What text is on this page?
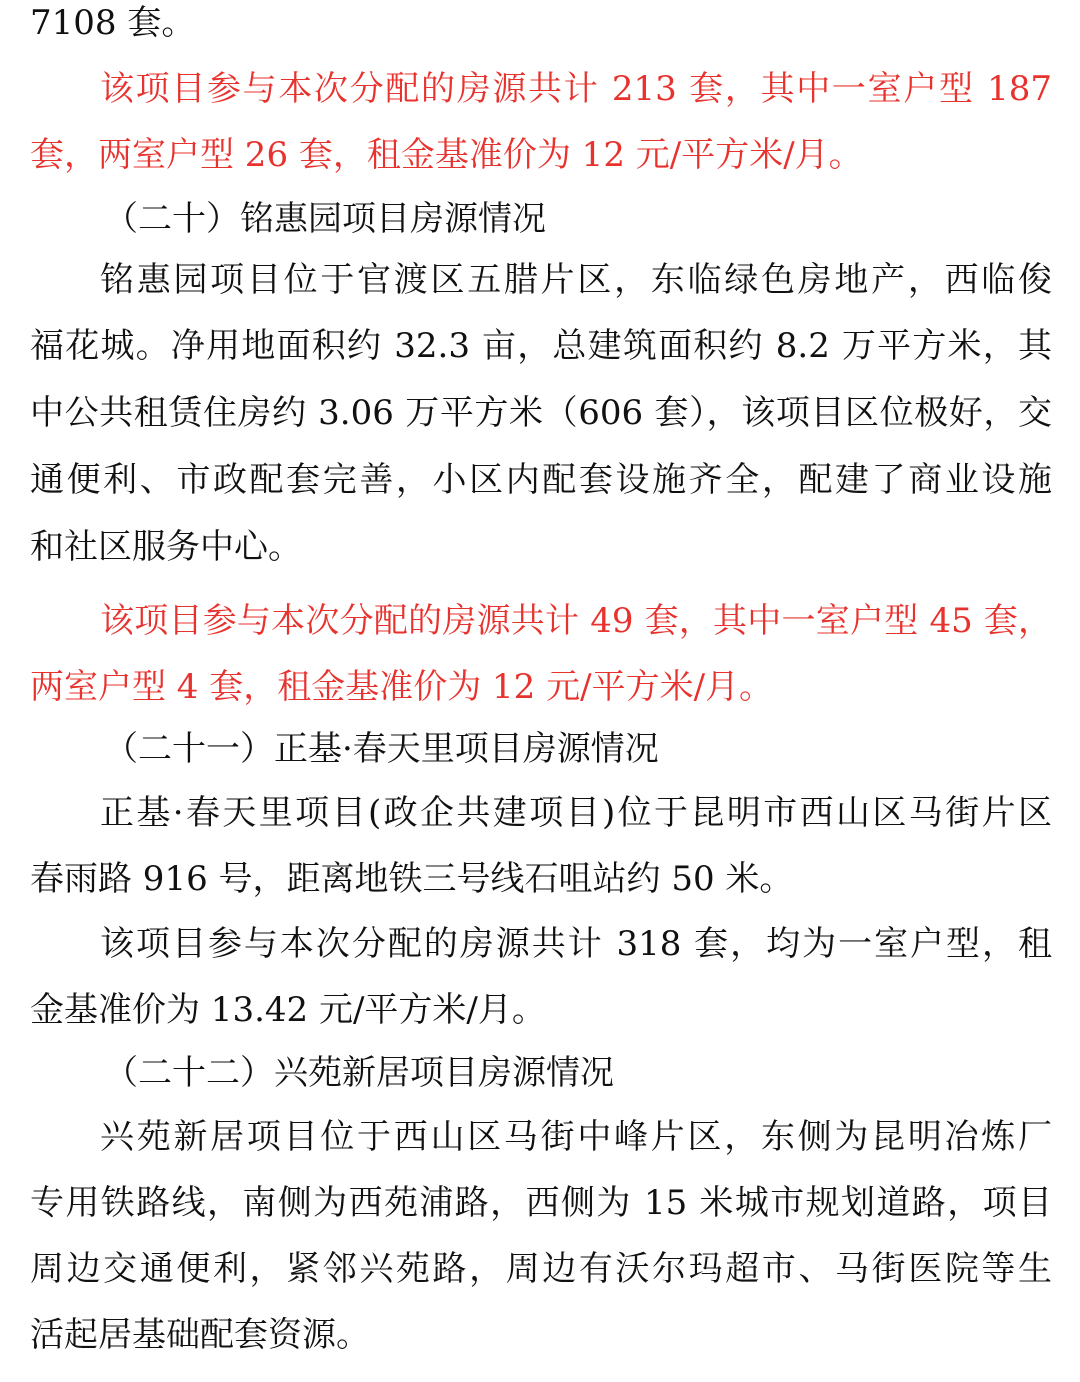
7108 套。
该项目参与本次分配的房源共计 213 套，其中一室户型 187
套，两室户型 26 套，租金基准价为 12 元/平方米/月。
（二十）铭惠园项目房源情况
铭惠园项目位于官渡区五腊片区，东临绿色房地产，西临俊
福花城。净用地面积约 32.3 亩，总建筑面积约 8.2 万平方米，其
中公共租赁住房约 3.06 万平方米（606 套），该项目区位极好，交
通便利、市政配套完善，小区内配套设施齐全，配建了商业设施
和社区服务中心。
该项目参与本次分配的房源共计 49 套，其中一室户型 45 套，
两室户型 4 套，租金基准价为 12 元/平方米/月。
（二十一）正基·春天里项目房源情况
正基·春天里项目(政企共建项目)位于昆明市西山区马街片区
春雨路 916 号，距离地铁三号线石咀站约 50 米。
该项目参与本次分配的房源共计 318 套，均为一室户型，租
金基准价为 13.42 元/平方米/月。
（二十二）兴苑新居项目房源情况
兴苑新居项目位于西山区马街中峰片区，东侧为昆明冶炼厂
专用铁路线，南侧为西苑浦路，西侧为 15 米城市规划道路，项目
周边交通便利，紧邻兴苑路，周边有沃尔玛超市、马街医院等生
活起居基础配套资源。
